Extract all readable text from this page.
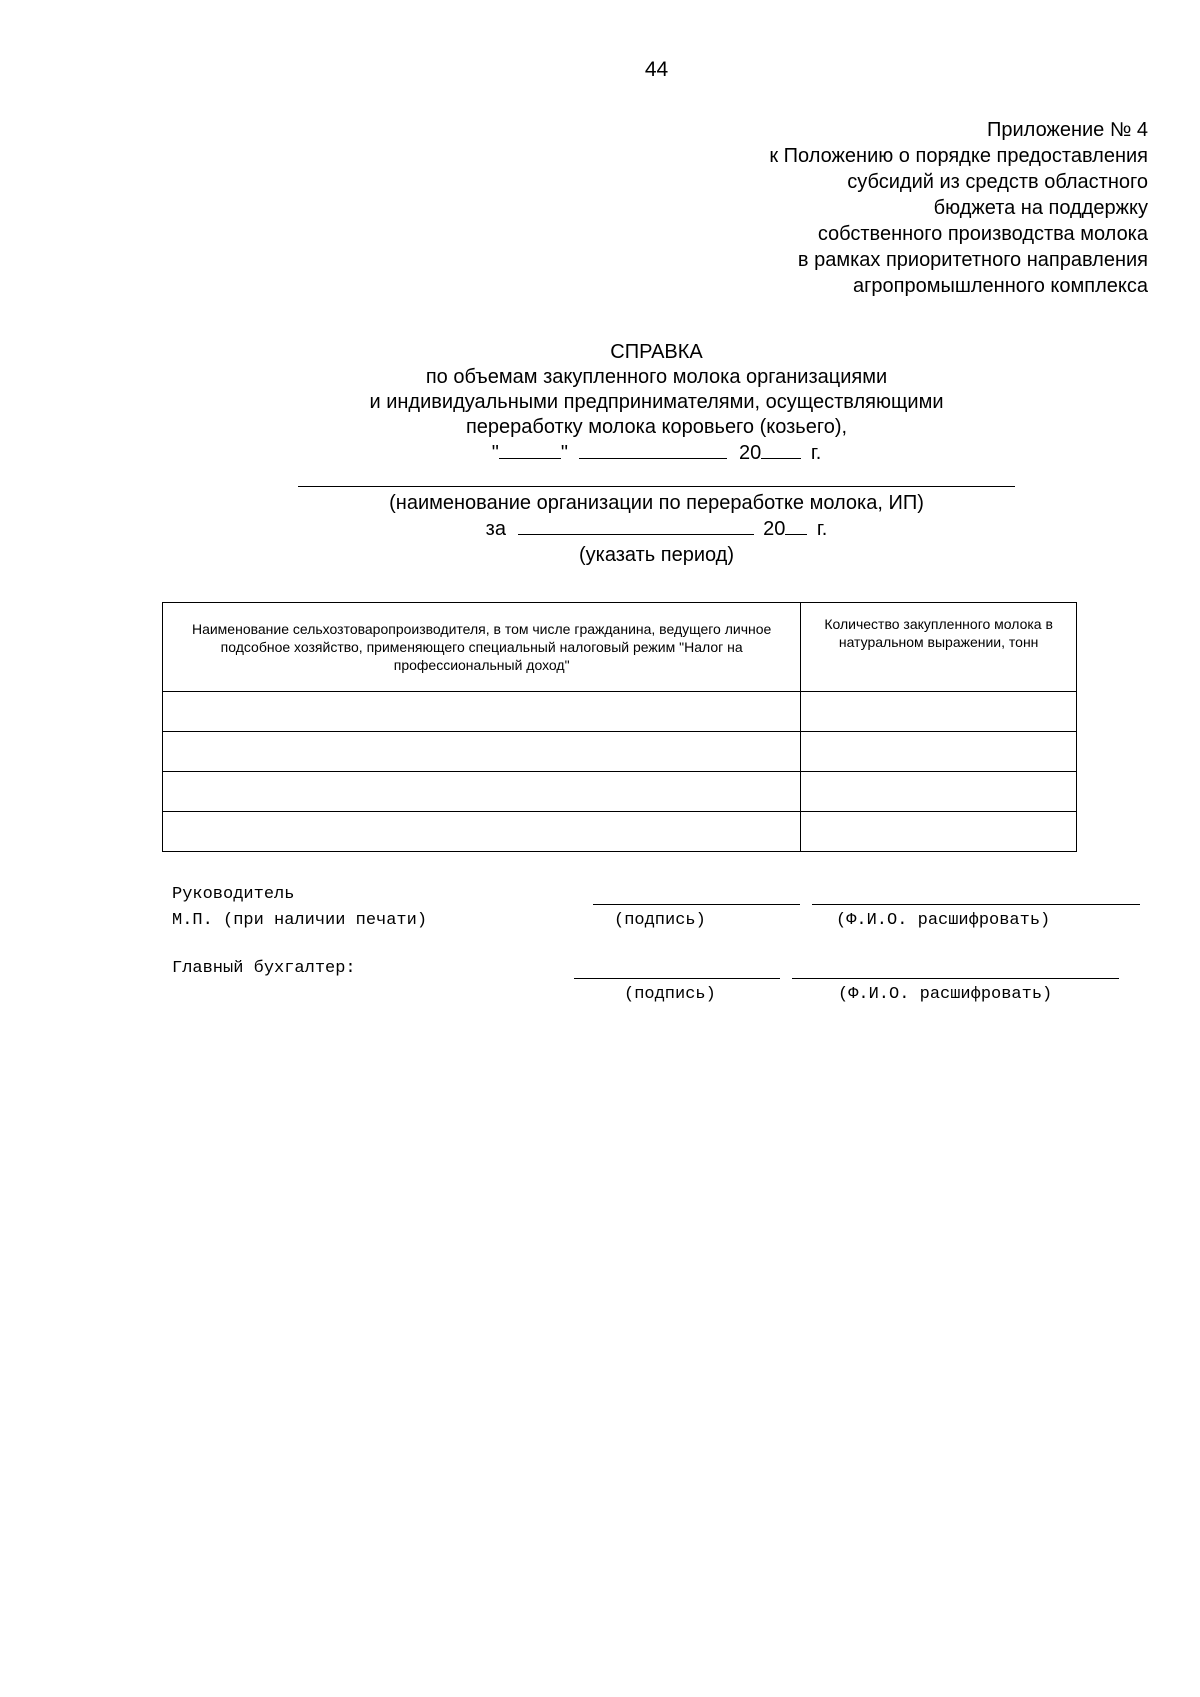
44
Приложение № 4
к Положению о порядке предоставления
субсидий из средств областного
бюджета на поддержку
собственного производства молока
в рамках приоритетного направления
агропромышленного комплекса
СПРАВКА
по объемам закупленного молока организациями
и индивидуальными предпринимателями, осуществляющими
переработку молока коровьего (козьего),
"	"	20 г.
(наименование организации по переработке молока, ИП)
за	20 г.
(указать период)
Наименование сельхозтоваропроизводителя, в том числе гражданина, ведущего личное подсобное хозяйство, применяющего специальный налоговый режим "Налог на профессиональный доход"	Количество закупленного молока в натуральном выражении, тонн

Руководитель
М.П. (при наличии печати)	(подпись)	(Ф.И.О. расшифровать)
Главный бухгалтер:
(подпись)	(Ф.И.О. расшифровать)
